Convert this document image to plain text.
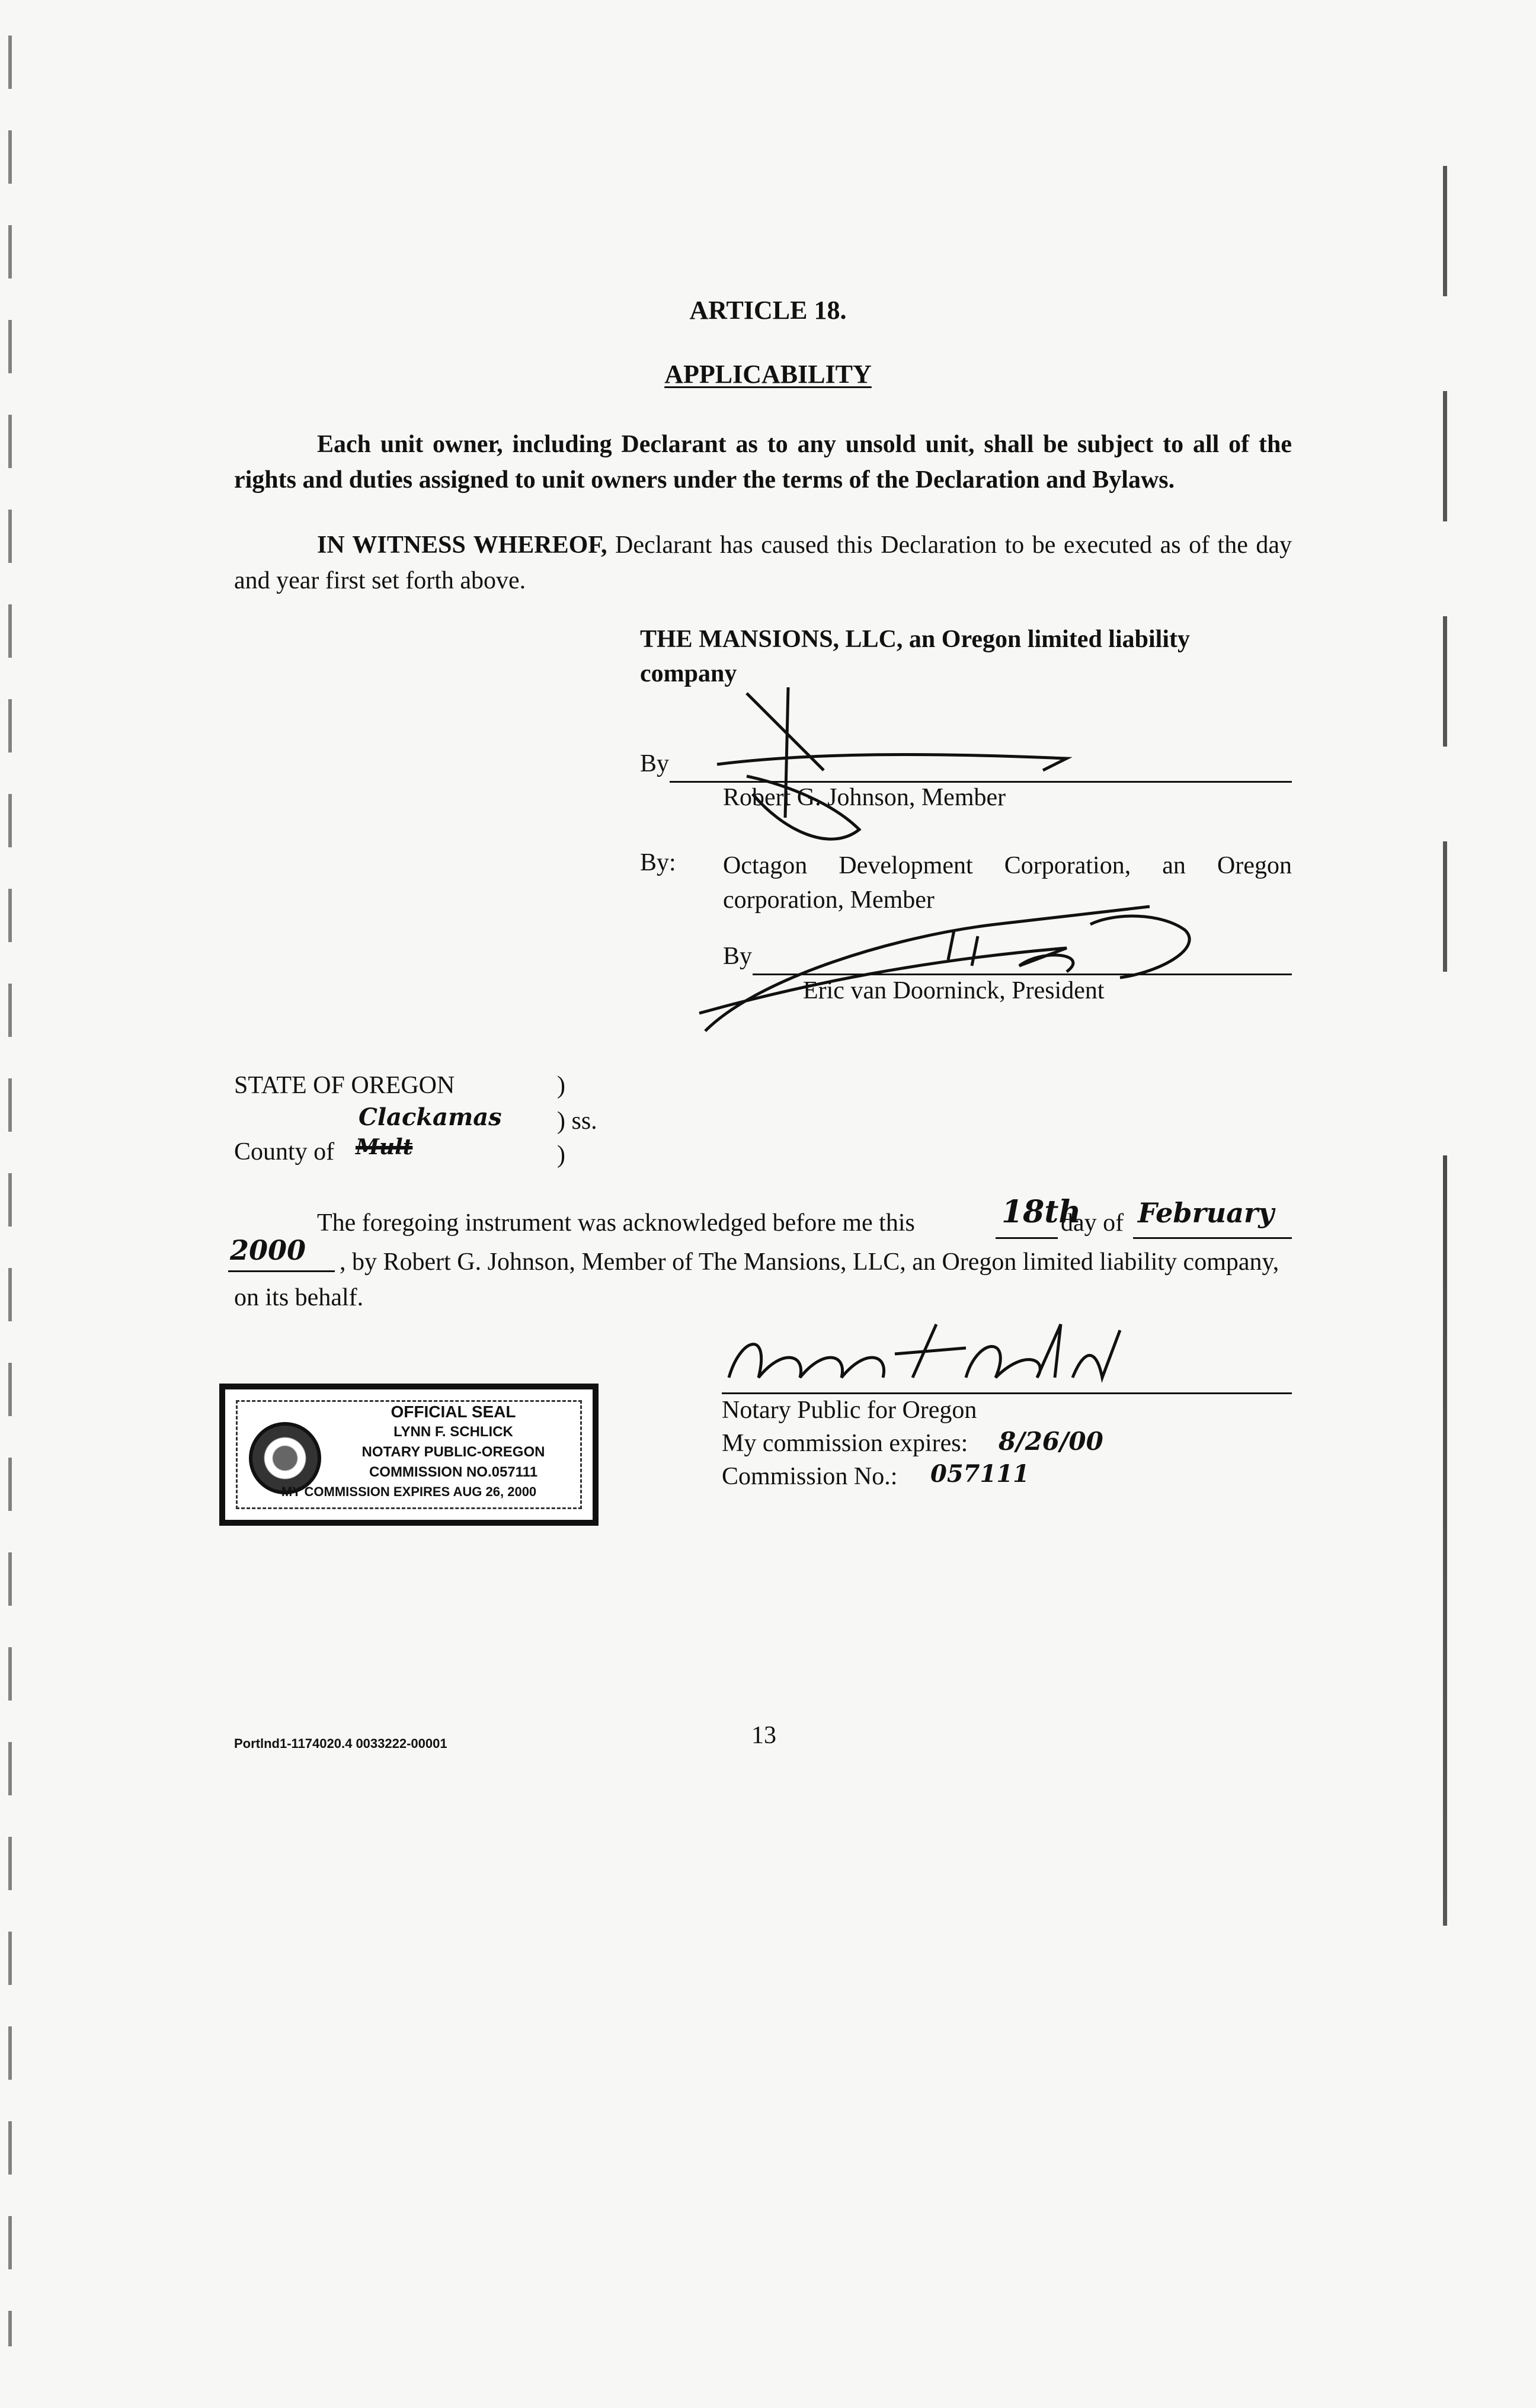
ARTICLE 18.
APPLICABILITY
Each unit owner, including Declarant as to any unsold unit, shall be subject to all of the rights and duties assigned to unit owners under the terms of the Declaration and Bylaws.
IN WITNESS WHEREOF, Declarant has caused this Declaration to be executed as of the day and year first set forth above.
THE MANSIONS, LLC, an Oregon limited liability company
By
Robert G. Johnson, Member
By: Octagon Development Corporation, an Oregon corporation, Member
By
Eric van Doorninck, President
STATE OF OREGON	)
) ss.
County of
Clackamas
Mult	)
The foregoing instrument was acknowledged before me this	18th
day of February
2000	, by Robert G. Johnson, Member of The Mansions, LLC, an Oregon limited liability company, on its behalf.
OFFICIAL SEAL
LYNN F. SCHLICK
NOTARY PUBLIC-OREGON
COMMISSION NO.057111
MY COMMISSION EXPIRES AUG 26, 2000
Notary Public for Oregon
My commission expires: 8/26/00
Commission No.: 057111
Portlnd1-1174020.4 0033222-00001	13
